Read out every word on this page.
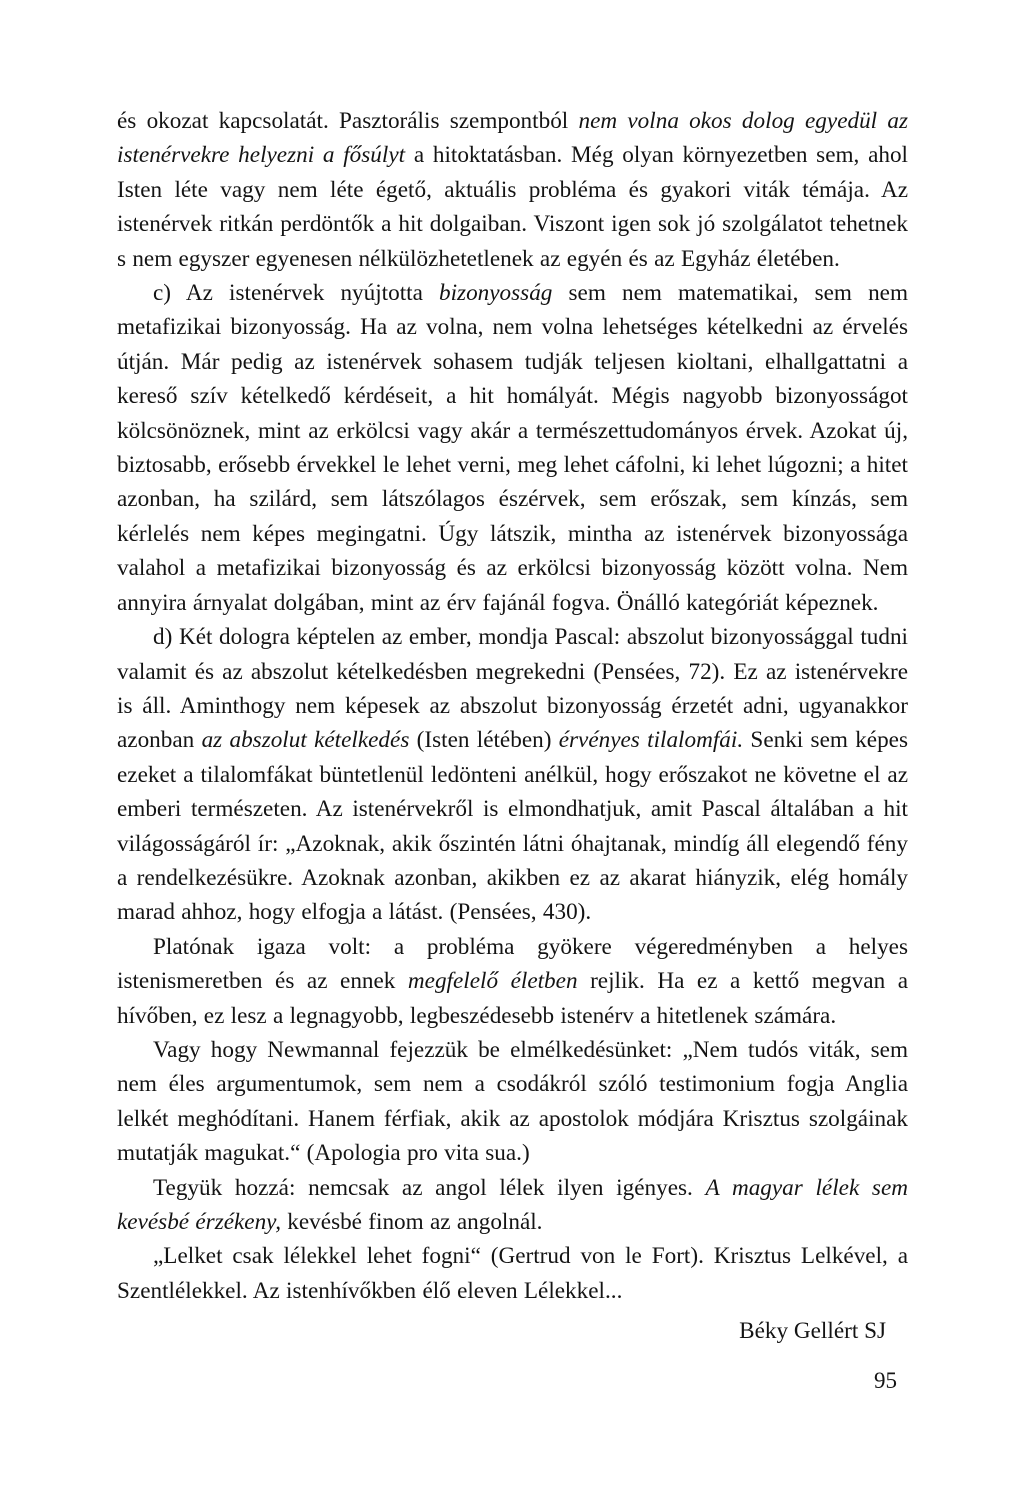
és okozat kapcsolatát. Pasztorális szempontból nem volna okos dolog egyedül az istenérvekre helyezni a fősúlyt a hitoktatásban. Még olyan környezetben sem, ahol Isten léte vagy nem léte égető, aktuális probléma és gyakori viták témája. Az istenérvek ritkán perdöntők a hit dolgaiban. Viszont igen sok jó szolgálatot tehetnek s nem egyszer egyenesen nélkülözhetetlenek az egyén és az Egyház életében.

c) Az istenérvek nyújtotta bizonyosság sem nem matematikai, sem nem metafizikai bizonyosság. Ha az volna, nem volna lehetséges kételkedni az érvelés útján. Már pedig az istenérvek sohasem tudják teljesen kioltani, elhallgattatni a kereső szív kételkedő kérdéseit, a hit homályát. Mégis nagyobb bizonyosságot kölcsönöznek, mint az erkölcsi vagy akár a természettudományos érvek. Azokat új, biztosabb, erősebb érvekkel le lehet verni, meg lehet cáfolni, ki lehet lúgozni; a hitet azonban, ha szilárd, sem látszólagos észérvek, sem erőszak, sem kínzás, sem kérlelés nem képes megingatni. Úgy látszik, mintha az istenérvek bizonyossága valahol a metafizikai bizonyosság és az erkölcsi bizonyosság között volna. Nem annyira árnyalat dolgában, mint az érv fajánál fogva. Önálló kategóriát képeznek.

d) Két dologra képtelen az ember, mondja Pascal: abszolut bizonyossággal tudni valamit és az abszolut kételkedésben megrekedni (Pensées, 72). Ez az istenérvekre is áll. Aminthogy nem képesek az abszolut bizonyosság érzetét adni, ugyanakkor azonban az abszolut kételkedés (Isten létében) érvényes tilalomfái. Senki sem képes ezeket a tilalomfákat büntetlenül ledönteni anélkül, hogy erőszakot ne követne el az emberi természeten. Az istenérvekről is elmondhatjuk, amit Pascal általában a hit világosságáról ír: „Azoknak, akik őszintén látni óhajtanak, mindíg áll elegendő fény a rendelkezésükre. Azoknak azonban, akikben ez az akarat hiányzik, elég homály marad ahhoz, hogy elfogja a látást. (Pensées, 430).

Platónak igaza volt: a probléma gyökere végeredményben a helyes istenismeretben és az ennek megfelelő életben rejlik. Ha ez a kettő megvan a hívőben, ez lesz a legnagyobb, legbeszédesebb istenérv a hitetlenek számára.

Vagy hogy Newmannal fejezzük be elmélkedésünket: „Nem tudós viták, sem nem éles argumentumok, sem nem a csodákról szóló testimonium fogja Anglia lelkét meghódítani. Hanem férfiak, akik az apostolok módjára Krisztus szolgáinak mutatják magukat.“ (Apologia pro vita sua.)

Tegyük hozzá: nemcsak az angol lélek ilyen igényes. A magyar lélek sem kevésbé érzékeny, kevésbé finom az angolnál.

„Lelket csak lélekkel lehet fogni“ (Gertrud von le Fort). Krisztus Lelkével, a Szentlélekkel. Az istenhívőkben élő eleven Lélekkel...

Béky Gellért SJ

95
